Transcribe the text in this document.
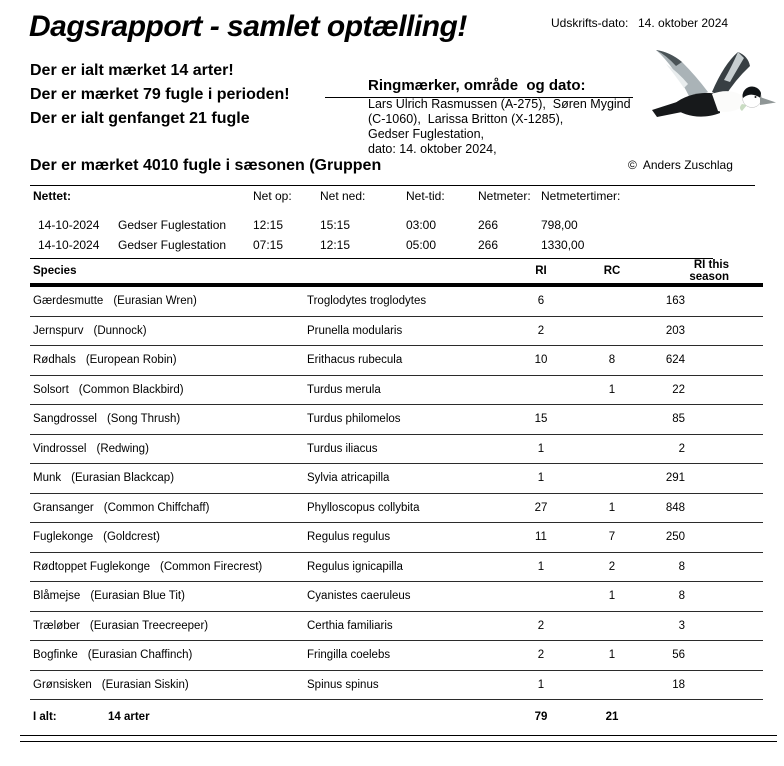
Dagsrapport - samlet optælling!	Udskrifts-dato: 14. oktober 2024
Der er ialt mærket 14 arter!
Der er mærket 79 fugle i perioden!
Der er ialt genfanget 21 fugle
Ringmærker, område  og dato:
Lars Ulrich Rasmussen (A-275),  Søren Mygind
(C-1060),  Larissa Britton (X-1285),
Gedser Fuglestation,
dato: 14. oktober 2024,
©  Anders Zuschlag
Der er mærket 4010 fugle i sæsonen (Gruppen
Nettet:		Net op:	Net ned:	Net-tid:	Netmeter:	Netmetertimer:

14-10-2024	Gedser Fuglestation	12:15	15:15	03:00	266	798,00
14-10-2024	Gedser Fuglestation	07:15	12:15	05:00	266	1330,00
Species		RI	RC	RI this season
Gærdesmutte (Eurasian Wren)	Troglodytes troglodytes	6		163
Jernspurv (Dunnock)	Prunella modularis	2		203
Rødhals (European Robin)	Erithacus rubecula	10	8	624
Solsort (Common Blackbird)	Turdus merula		1	22
Sangdrossel (Song Thrush)	Turdus philomelos	15		85
Vindrossel (Redwing)	Turdus iliacus	1		2
Munk (Eurasian Blackcap)	Sylvia atricapilla	1		291
Gransanger (Common Chiffchaff)	Phylloscopus collybita	27	1	848
Fuglekonge (Goldcrest)	Regulus regulus	11	7	250
Rødtoppet Fuglekonge (Common Firecrest)	Regulus ignicapilla	1	2	8
Blåmejse (Eurasian Blue Tit)	Cyanistes caeruleus		1	8
Træløber (Eurasian Treecreeper)	Certhia familiaris	2		3
Bogfinke (Eurasian Chaffinch)	Fringilla coelebs	2	1	56
Grønsisken (Eurasian Siskin)	Spinus spinus	1		18
I alt: 14 arter		79	21	
